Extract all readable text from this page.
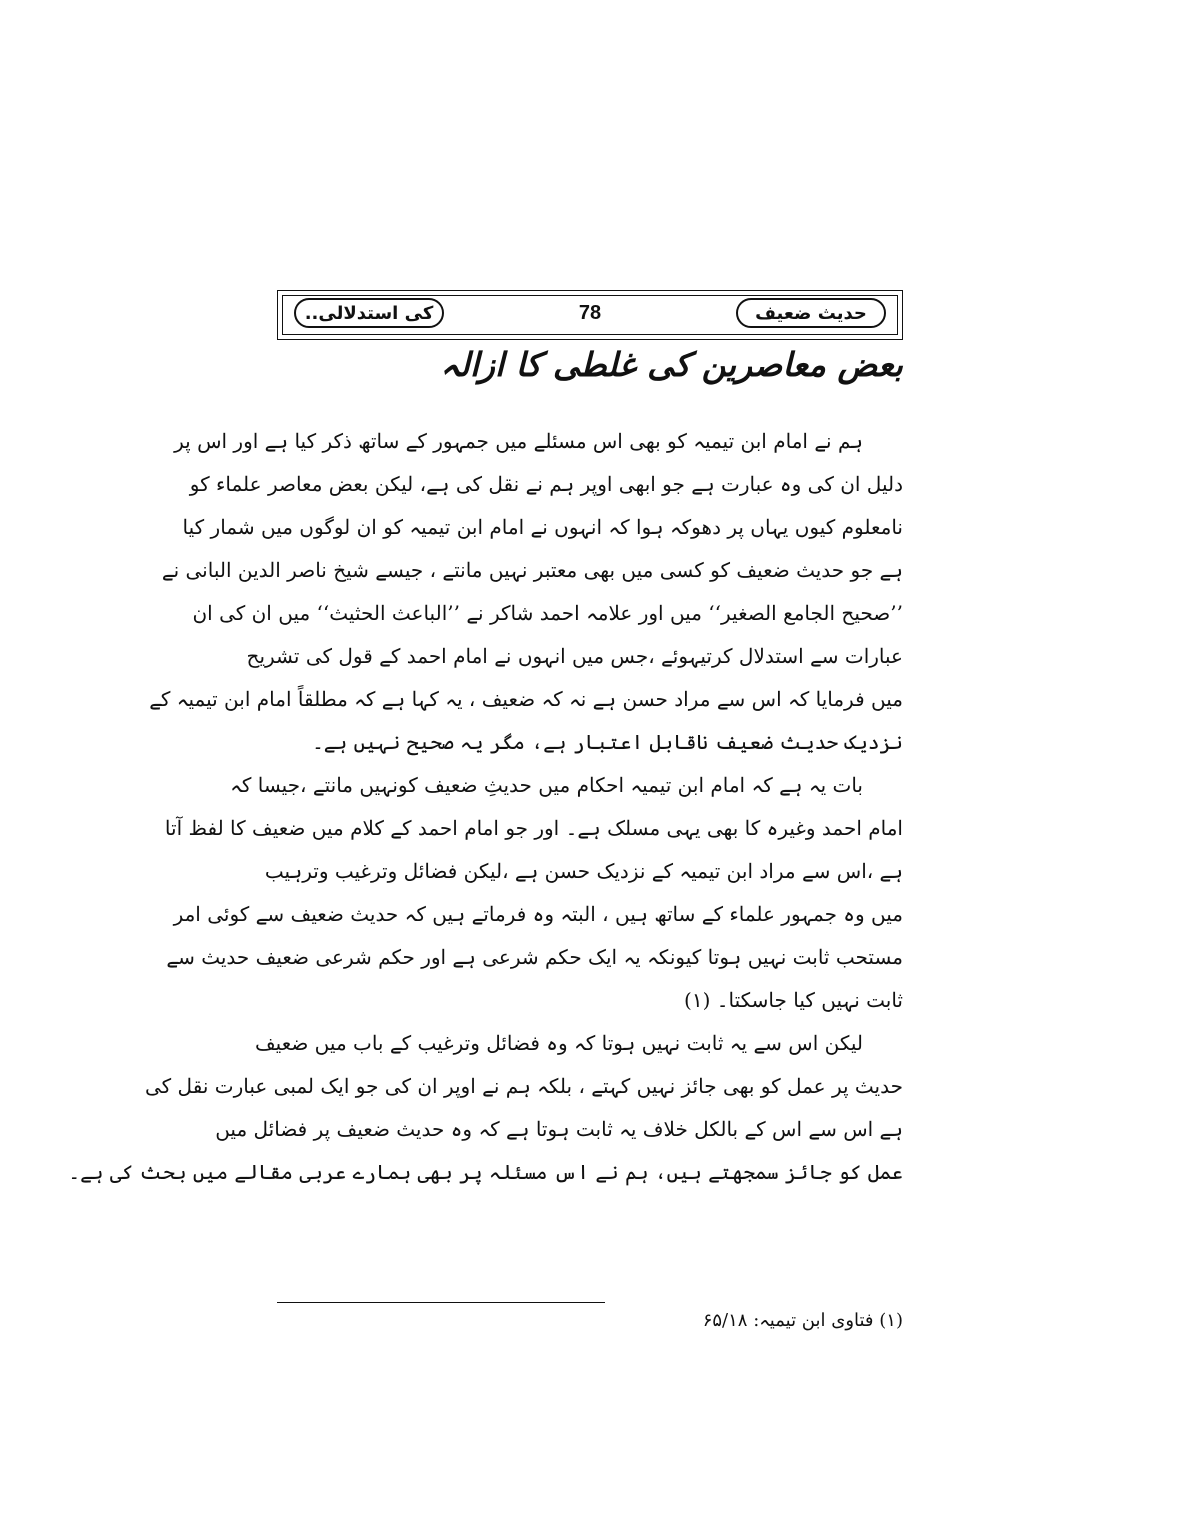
حدیث ضعیف
78
کی استدلالی..
بعض معاصرین کی غلطی کا ازالہ
ہم نے امام ابن تیمیہ کو بھی اس مسئلے میں جمہور کے ساتھ ذکر کیا ہے اور اس پر
دلیل ان کی وہ عبارت ہے جو ابھی اوپر ہم نے نقل کی ہے، لیکن بعض معاصر علماء کو
نامعلوم کیوں یہاں پر دھوکہ ہوا کہ انہوں نے امام ابن تیمیہ کو ان لوگوں میں شمار کیا
ہے جو حدیث ضعیف کو کسی میں بھی معتبر نہیں مانتے ، جیسے شیخ ناصر الدین البانی نے
’’صحیح الجامع الصغیر‘‘ میں اور علامہ احمد شاکر نے ’’الباعث الحثیث‘‘ میں ان کی ان
عبارات سے استدلال کرتیہوئے ،جس میں انہوں نے امام احمد کے قول کی تشریح
میں فرمایا کہ اس سے مراد حسن ہے نہ کہ ضعیف ، یہ کہا ہے کہ مطلقاً امام ابن تیمیہ کے
نزدیک حدیث ضعیف ناقابل اعتبار ہے، مگر یہ صحیح نہیں ہے۔
بات یہ ہے کہ امام ابن تیمیہ احکام میں حدیثِ ضعیف کونہیں مانتے ،جیسا کہ
امام احمد وغیرہ کا بھی یہی مسلک ہے۔ اور جو امام احمد کے کلام میں ضعیف کا لفظ آتا
ہے ،اس سے مراد ابن تیمیہ کے نزدیک حسن ہے ،لیکن فضائل وترغیب وترہیب
میں وہ جمہور علماء کے ساتھ ہیں ، البتہ وہ فرماتے ہیں کہ حدیث ضعیف سے کوئی امر
مستحب ثابت نہیں ہوتا کیونکہ یہ ایک حکم شرعی ہے اور حکم شرعی ضعیف حدیث سے
ثابت نہیں کیا جاسکتا۔ (۱)
لیکن اس سے یہ ثابت نہیں ہوتا کہ وہ فضائل وترغیب کے باب میں ضعیف
حدیث پر عمل کو بھی جائز نہیں کہتے ، بلکہ ہم نے اوپر ان کی جو ایک لمبی عبارت نقل کی
ہے اس سے اس کے بالکل خلاف یہ ثابت ہوتا ہے کہ وہ حدیث ضعیف پر فضائل میں
عمل کو جائز سمجھتے ہیں، ہم نے اس مسئلہ پر بھی ہمارے عربی مقالے میں بحث کی ہے۔
(۱) فتاوی ابن تیمیہ: ۶۵/۱۸
